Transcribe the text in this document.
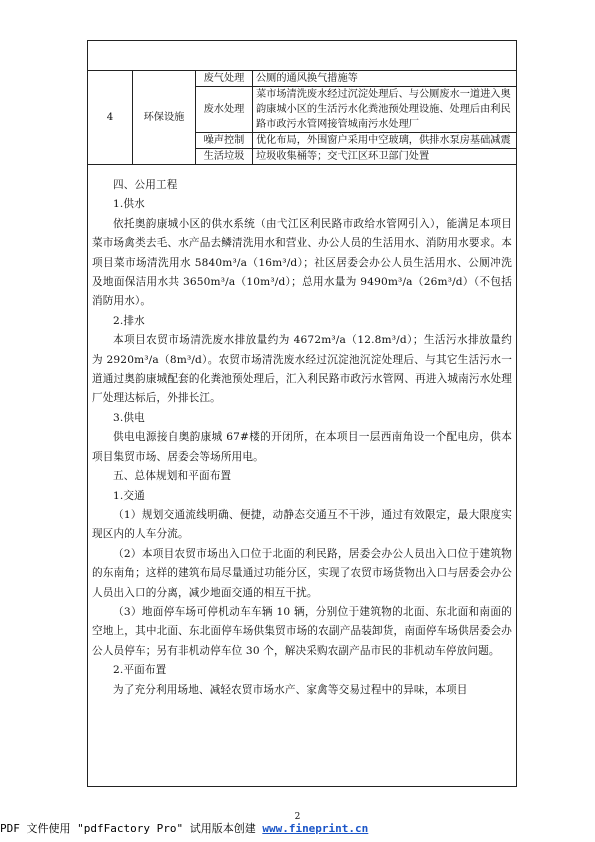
4	环保设施	废气处理	公厕的通风换气措施等
		废水处理	菜市场清洗废水经过沉淀处理后、与公厕废水一道进入奥韵康城小区的生活污水化粪池预处理设施、处理后由利民路市政污水管网接管城南污水处理厂
		噪声控制	优化布局，外围窗户采用中空玻璃，供排水泵房基础减震
		生活垃圾	垃圾收集桶等；交弋江区环卫部门处置

四、公用工程

1.供水

依托奥韵康城小区的供水系统（由弋江区利民路市政给水管网引入），能满足本项目菜市场禽类去毛、水产品去鳞清洗用水和营业、办公人员的生活用水、消防用水要求。本项目菜市场清洗用水 5840m³/a（16m³/d）；社区居委会办公人员生活用水、公厕冲洗及地面保洁用水共 3650m³/a（10m³/d）；总用水量为 9490m³/a（26m³/d）（不包括消防用水）。

2.排水

本项目农贸市场清洗废水排放量约为 4672m³/a（12.8m³/d）；生活污水排放量约为 2920m³/a（8m³/d）。农贸市场清洗废水经过沉淀池沉淀处理后、与其它生活污水一道通过奥韵康城配套的化粪池预处理后，汇入利民路市政污水管网、再进入城南污水处理厂处理达标后，外排长江。

3.供电

供电电源接自奥韵康城 67#楼的开闭所，在本项目一层西南角设一个配电房，供本项目集贸市场、居委会等场所用电。

五、总体规划和平面布置

1.交通

（1）规划交通流线明确、便捷，动静态交通互不干涉，通过有效限定，最大限度实现区内的人车分流。

（2）本项目农贸市场出入口位于北面的利民路，居委会办公人员出入口位于建筑物的东南角；这样的建筑布局尽量通过功能分区，实现了农贸市场货物出入口与居委会办公人员出入口的分离，减少地面交通的相互干扰。

（3）地面停车场可停机动车车辆 10 辆，分别位于建筑物的北面、东北面和南面的空地上，其中北面、东北面停车场供集贸市场的农副产品装卸货，南面停车场供居委会办公人员停车；另有非机动停车位 30 个，解决采购农副产品市民的非机动车停放问题。

2.平面布置

为了充分利用场地、减轻农贸市场水产、家禽等交易过程中的异味，本项目

2
PDF 文件使用 "pdfFactory Pro" 试用版本创建 www.fineprint.cn
